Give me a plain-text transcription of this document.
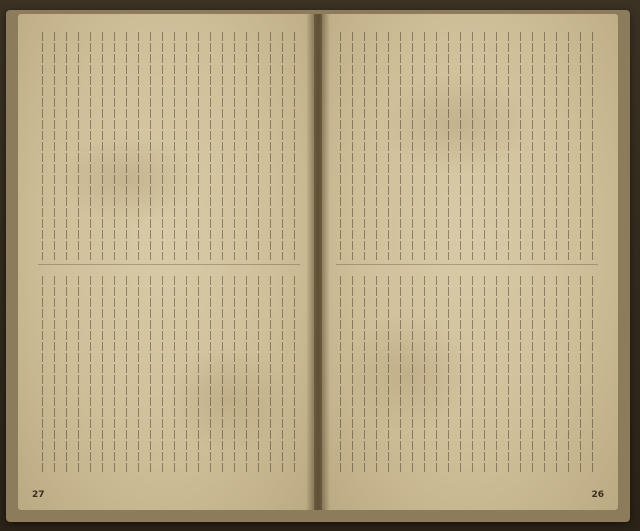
27	26
